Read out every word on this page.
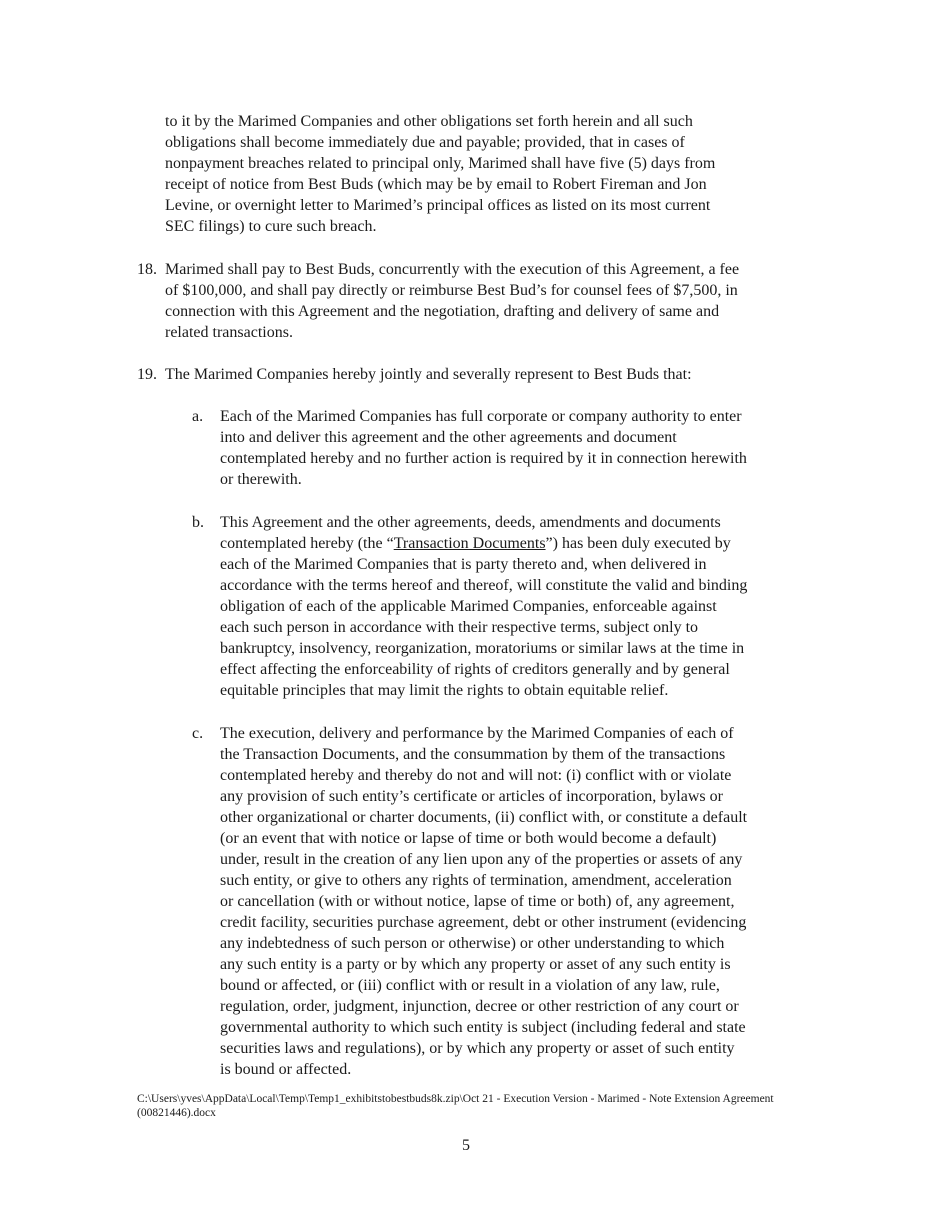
to it by the Marimed Companies and other obligations set forth herein and all such
obligations shall become immediately due and payable; provided, that in cases of
nonpayment breaches related to principal only, Marimed shall have five (5) days from
receipt of notice from Best Buds (which may be by email to Robert Fireman and Jon
Levine, or overnight letter to Marimed’s principal offices as listed on its most current
SEC filings) to cure such breach.
18. Marimed shall pay to Best Buds, concurrently with the execution of this Agreement, a fee
of $100,000, and shall pay directly or reimburse Best Bud’s for counsel fees of $7,500, in
connection with this Agreement and the negotiation, drafting and delivery of same and
related transactions.
19. The Marimed Companies hereby jointly and severally represent to Best Buds that:
a. Each of the Marimed Companies has full corporate or company authority to enter
into and deliver this agreement and the other agreements and document
contemplated hereby and no further action is required by it in connection herewith
or therewith.
b. This Agreement and the other agreements, deeds, amendments and documents
contemplated hereby (the “Transaction Documents”) has been duly executed by
each of the Marimed Companies that is party thereto and, when delivered in
accordance with the terms hereof and thereof, will constitute the valid and binding
obligation of each of the applicable Marimed Companies, enforceable against
each such person in accordance with their respective terms, subject only to
bankruptcy, insolvency, reorganization, moratoriums or similar laws at the time in
effect affecting the enforceability of rights of creditors generally and by general
equitable principles that may limit the rights to obtain equitable relief.
c. The execution, delivery and performance by the Marimed Companies of each of
the Transaction Documents, and the consummation by them of the transactions
contemplated hereby and thereby do not and will not: (i) conflict with or violate
any provision of such entity’s certificate or articles of incorporation, bylaws or
other organizational or charter documents, (ii) conflict with, or constitute a default
(or an event that with notice or lapse of time or both would become a default)
under, result in the creation of any lien upon any of the properties or assets of any
such entity, or give to others any rights of termination, amendment, acceleration
or cancellation (with or without notice, lapse of time or both) of, any agreement,
credit facility, securities purchase agreement, debt or other instrument (evidencing
any indebtedness of such person or otherwise) or other understanding to which
any such entity is a party or by which any property or asset of any such entity is
bound or affected, or (iii) conflict with or result in a violation of any law, rule,
regulation, order, judgment, injunction, decree or other restriction of any court or
governmental authority to which such entity is subject (including federal and state
securities laws and regulations), or by which any property or asset of such entity
is bound or affected.
C:\Users\yves\AppData\Local\Temp\Temp1_exhibitstobestbuds8k.zip\Oct 21 - Execution Version - Marimed - Note Extension Agreement
(00821446).docx
5
